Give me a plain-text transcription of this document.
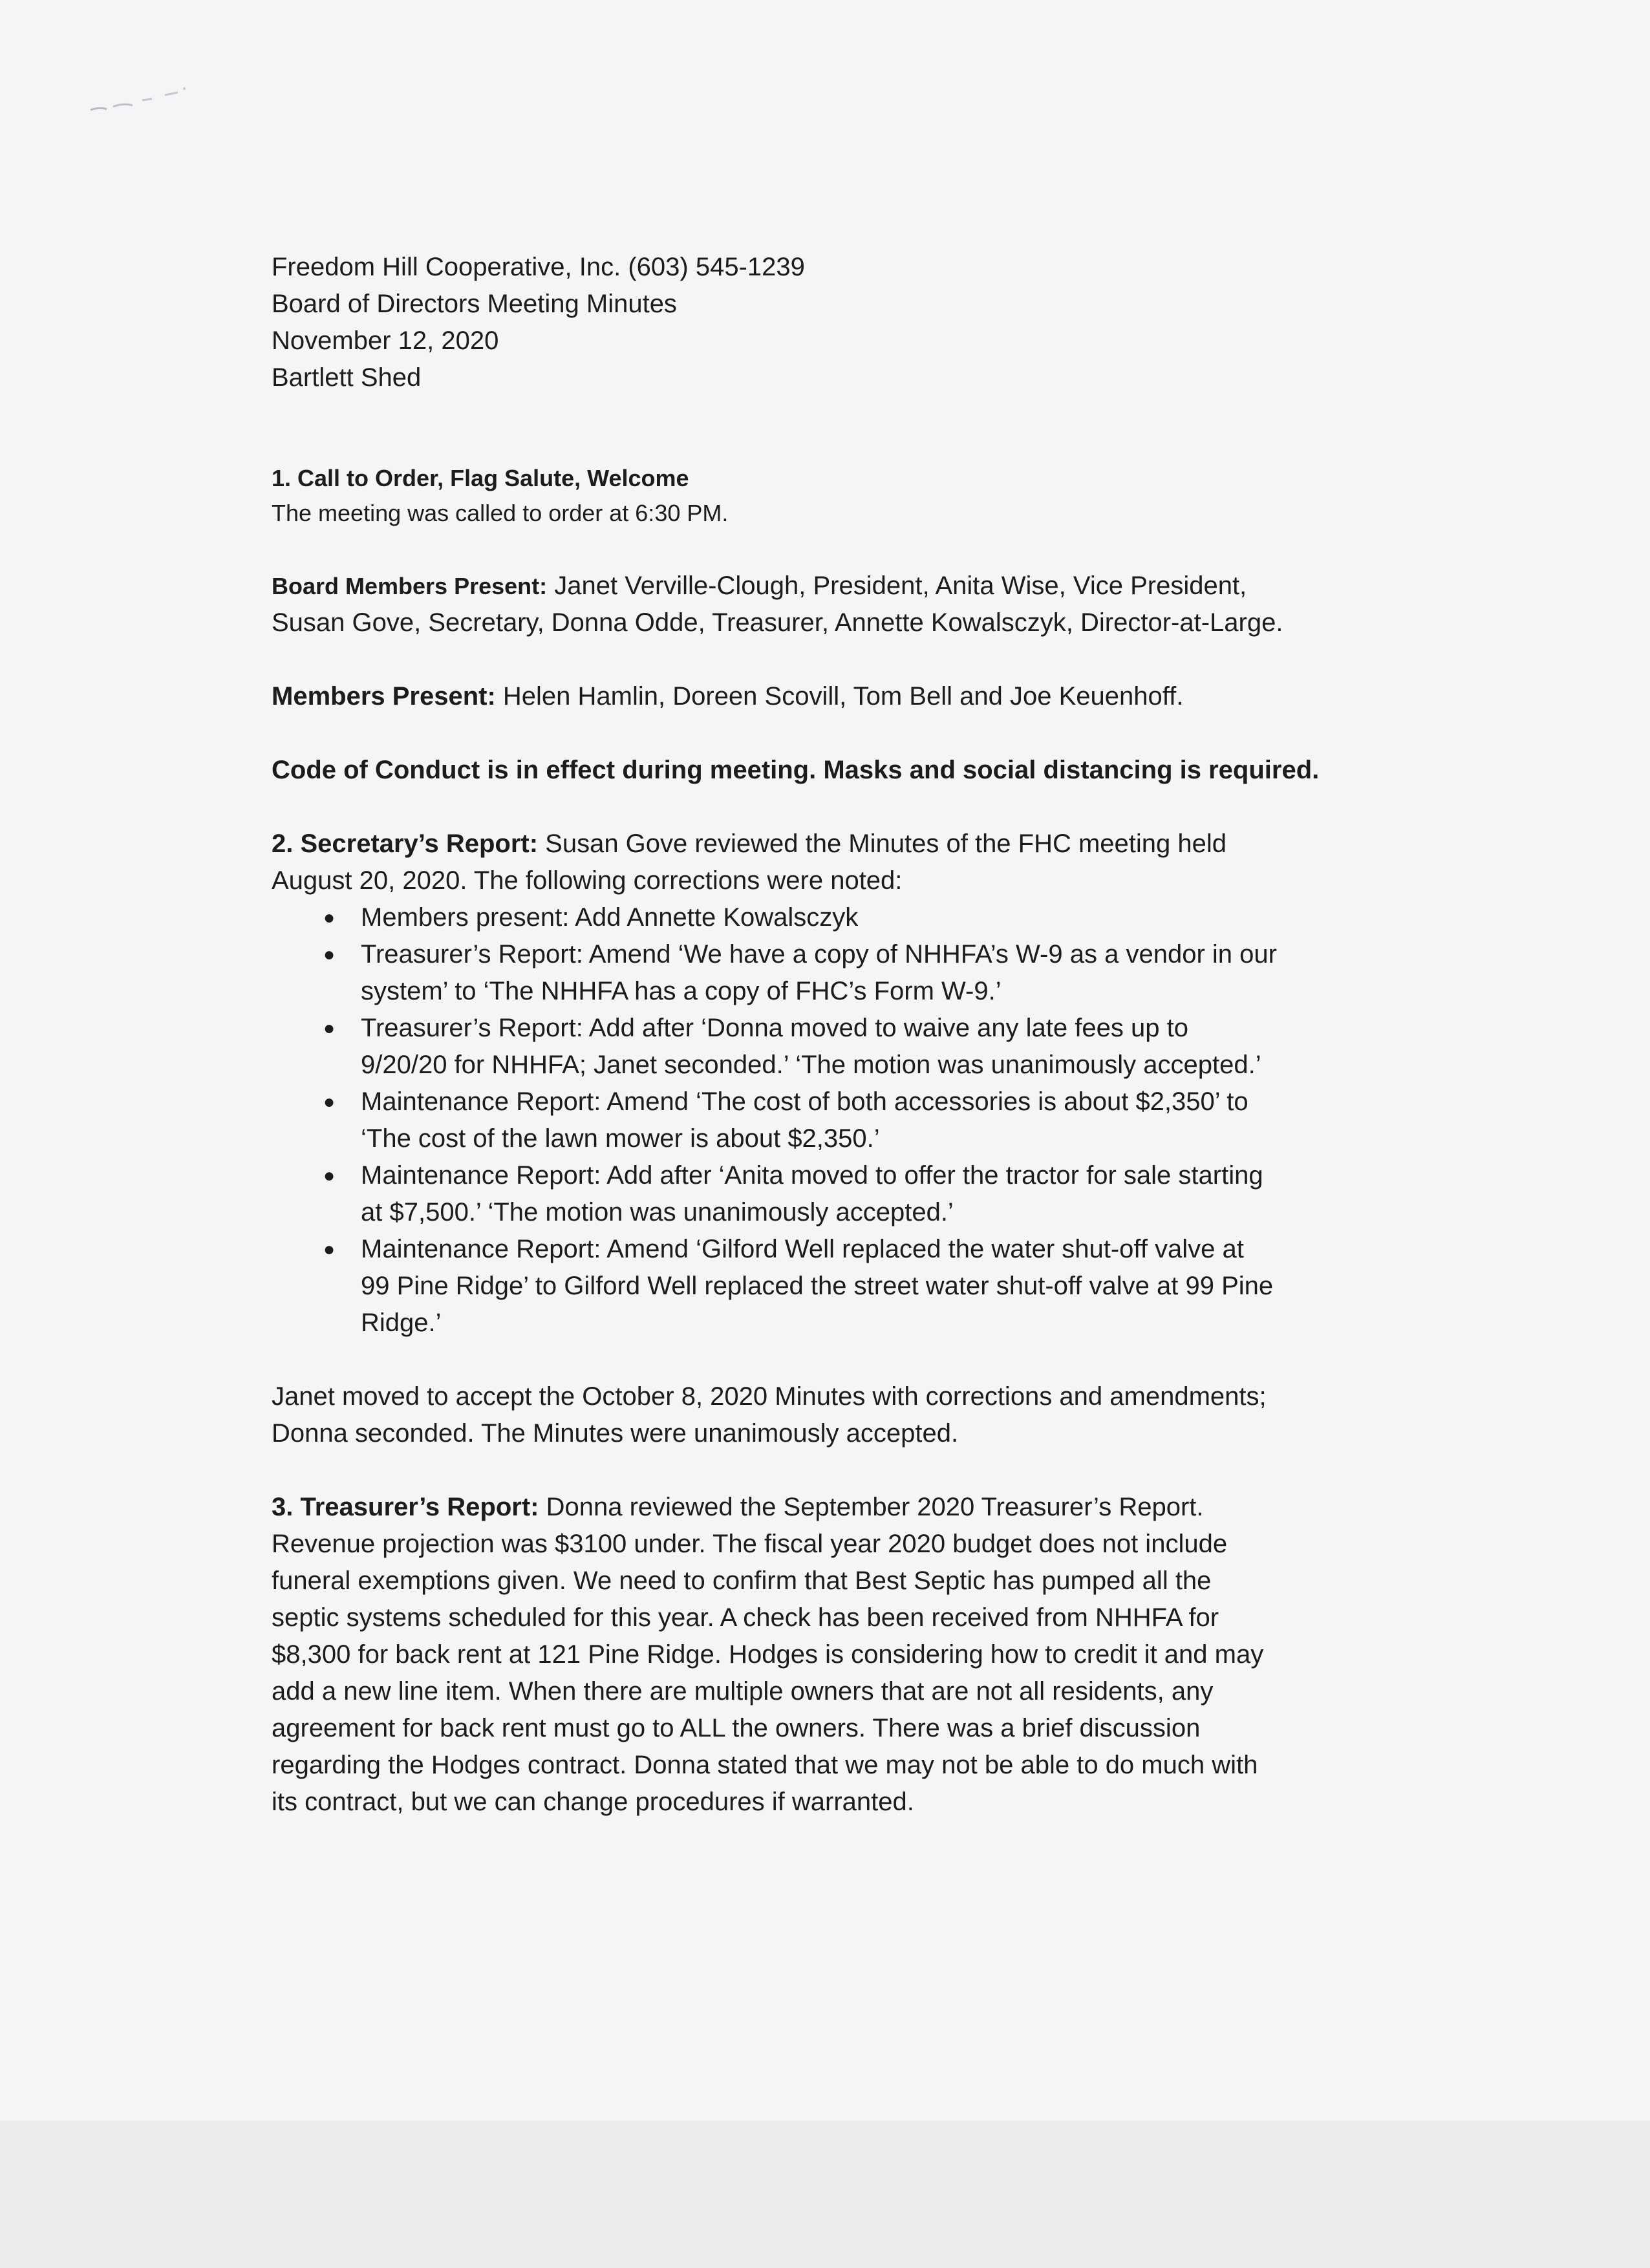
Freedom Hill Cooperative, Inc. (603) 545-1239
Board of Directors Meeting Minutes
November 12, 2020
Bartlett Shed
1. Call to Order, Flag Salute, Welcome
The meeting was called to order at 6:30 PM.
Board Members Present: Janet Verville-Clough, President, Anita Wise, Vice President,
Susan Gove, Secretary, Donna Odde, Treasurer, Annette Kowalsczyk, Director-at-Large.
Members Present: Helen Hamlin, Doreen Scovill, Tom Bell and Joe Keuenhoff.
Code of Conduct is in effect during meeting. Masks and social distancing is required.
2. Secretary’s Report: Susan Gove reviewed the Minutes of the FHC meeting held
August 20, 2020. The following corrections were noted:
● Members present: Add Annette Kowalsczyk
● Treasurer’s Report: Amend ‘We have a copy of NHHFA’s W-9 as a vendor in our
system’ to ‘The NHHFA has a copy of FHC’s Form W-9.’
● Treasurer’s Report: Add after ‘Donna moved to waive any late fees up to
9/20/20 for NHHFA; Janet seconded.’ ‘The motion was unanimously accepted.’
● Maintenance Report: Amend ‘The cost of both accessories is about $2,350’ to
‘The cost of the lawn mower is about $2,350.’
● Maintenance Report: Add after ‘Anita moved to offer the tractor for sale starting
at $7,500.’ ‘The motion was unanimously accepted.’
● Maintenance Report: Amend ‘Gilford Well replaced the water shut-off valve at
99 Pine Ridge’ to Gilford Well replaced the street water shut-off valve at 99 Pine
Ridge.’
Janet moved to accept the October 8, 2020 Minutes with corrections and amendments;
Donna seconded. The Minutes were unanimously accepted.
3. Treasurer’s Report: Donna reviewed the September 2020 Treasurer’s Report.
Revenue projection was $3100 under. The fiscal year 2020 budget does not include
funeral exemptions given. We need to confirm that Best Septic has pumped all the
septic systems scheduled for this year. A check has been received from NHHFA for
$8,300 for back rent at 121 Pine Ridge. Hodges is considering how to credit it and may
add a new line item. When there are multiple owners that are not all residents, any
agreement for back rent must go to ALL the owners. There was a brief discussion
regarding the Hodges contract. Donna stated that we may not be able to do much with
its contract, but we can change procedures if warranted.
